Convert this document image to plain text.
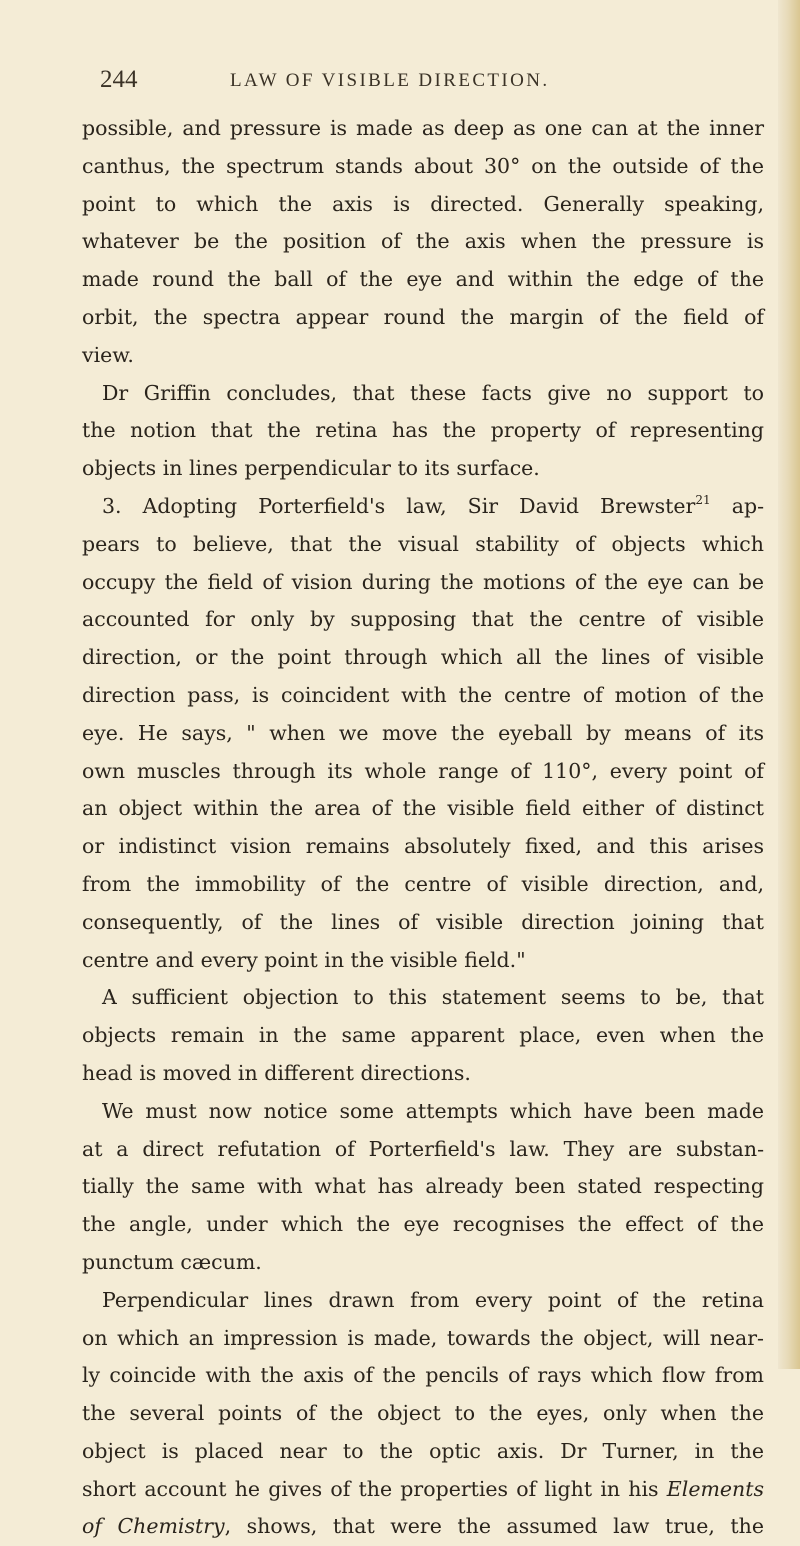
244	LAW OF VISIBLE DIRECTION.
possible, and pressure is made as deep as one can at the inner
canthus, the spectrum stands about 30° on the outside of the
point to which the axis is directed. Generally speaking,
whatever be the position of the axis when the pressure is
made round the ball of the eye and within the edge of the
orbit, the spectra appear round the margin of the field of
view.
Dr Griffin concludes, that these facts give no support to
the notion that the retina has the property of representing
objects in lines perpendicular to its surface.
3. Adopting Porterfield's law, Sir David Brewster$^{21}$ ap-
pears to believe, that the visual stability of objects which
occupy the field of vision during the motions of the eye can be
accounted for only by supposing that the centre of visible
direction, or the point through which all the lines of visible
direction pass, is coincident with the centre of motion of the
eye. He says, " when we move the eyeball by means of its
own muscles through its whole range of 110°, every point of
an object within the area of the visible field either of distinct
or indistinct vision remains absolutely fixed, and this arises
from the immobility of the centre of visible direction, and,
consequently, of the lines of visible direction joining that
centre and every point in the visible field."
A sufficient objection to this statement seems to be, that
objects remain in the same apparent place, even when the
head is moved in different directions.
We must now notice some attempts which have been made
at a direct refutation of Porterfield's law. They are substan-
tially the same with what has already been stated respecting
the angle, under which the eye recognises the effect of the
punctum cæcum.
Perpendicular lines drawn from every point of the retina
on which an impression is made, towards the object, will near-
ly coincide with the axis of the pencils of rays which flow from
the several points of the object to the eyes, only when the
object is placed near to the optic axis. Dr Turner, in the
short account he gives of the properties of light in his Elements
of Chemistry, shows, that were the assumed law true, the
